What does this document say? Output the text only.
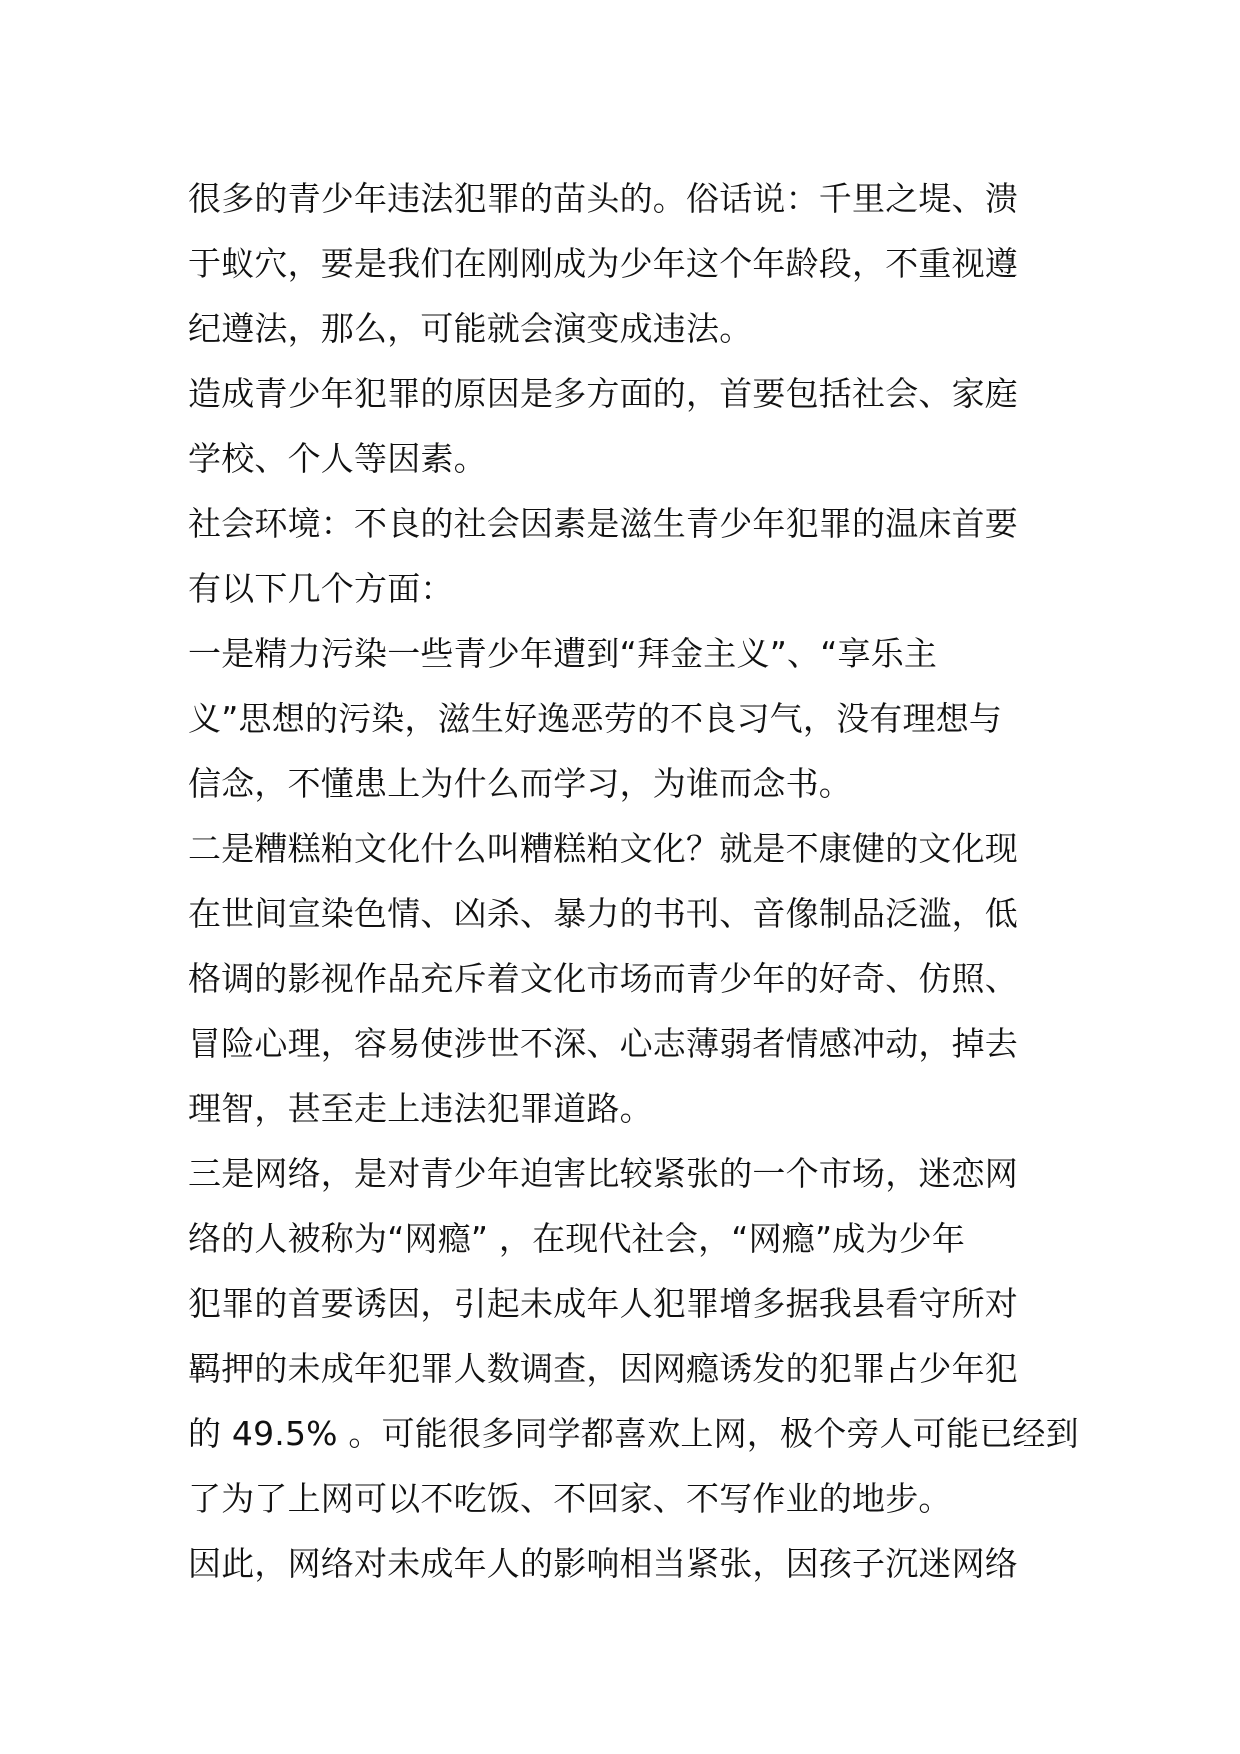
很多的青少年违法犯罪的苗头的。俗话说：千里之堤、溃
于蚁穴，要是我们在刚刚成为少年这个年龄段，不重视遵
纪遵法，那么，可能就会演变成违法。
造成青少年犯罪的原因是多方面的，首要包括社会、家庭
学校、个人等因素。
社会环境：不良的社会因素是滋生青少年犯罪的温床首要
有以下几个方面：
一是精力污染一些青少年遭到“拜金主义”、“享乐主
义”思想的污染，滋生好逸恶劳的不良习气，没有理想与
信念，不懂患上为什么而学习，为谁而念书。
二是糟糕粕文化什么叫糟糕粕文化？就是不康健的文化现
在世间宣染色情、凶杀、暴力的书刊、音像制品泛滥，低
格调的影视作品充斥着文化市场而青少年的好奇、仿照、
冒险心理，容易使涉世不深、心志薄弱者情感冲动，掉去
理智，甚至走上违法犯罪道路。
三是网络，是对青少年迫害比较紧张的一个市场，迷恋网
络的人被称为“网瘾” ，在现代社会，“网瘾”成为少年
犯罪的首要诱因，引起未成年人犯罪增多据我县看守所对
羁押的未成年犯罪人数调查，因网瘾诱发的犯罪占少年犯
的 49.5% 。可能很多同学都喜欢上网，极个旁人可能已经到
了为了上网可以不吃饭、不回家、不写作业的地步。
因此，网络对未成年人的影响相当紧张，因孩子沉迷网络
